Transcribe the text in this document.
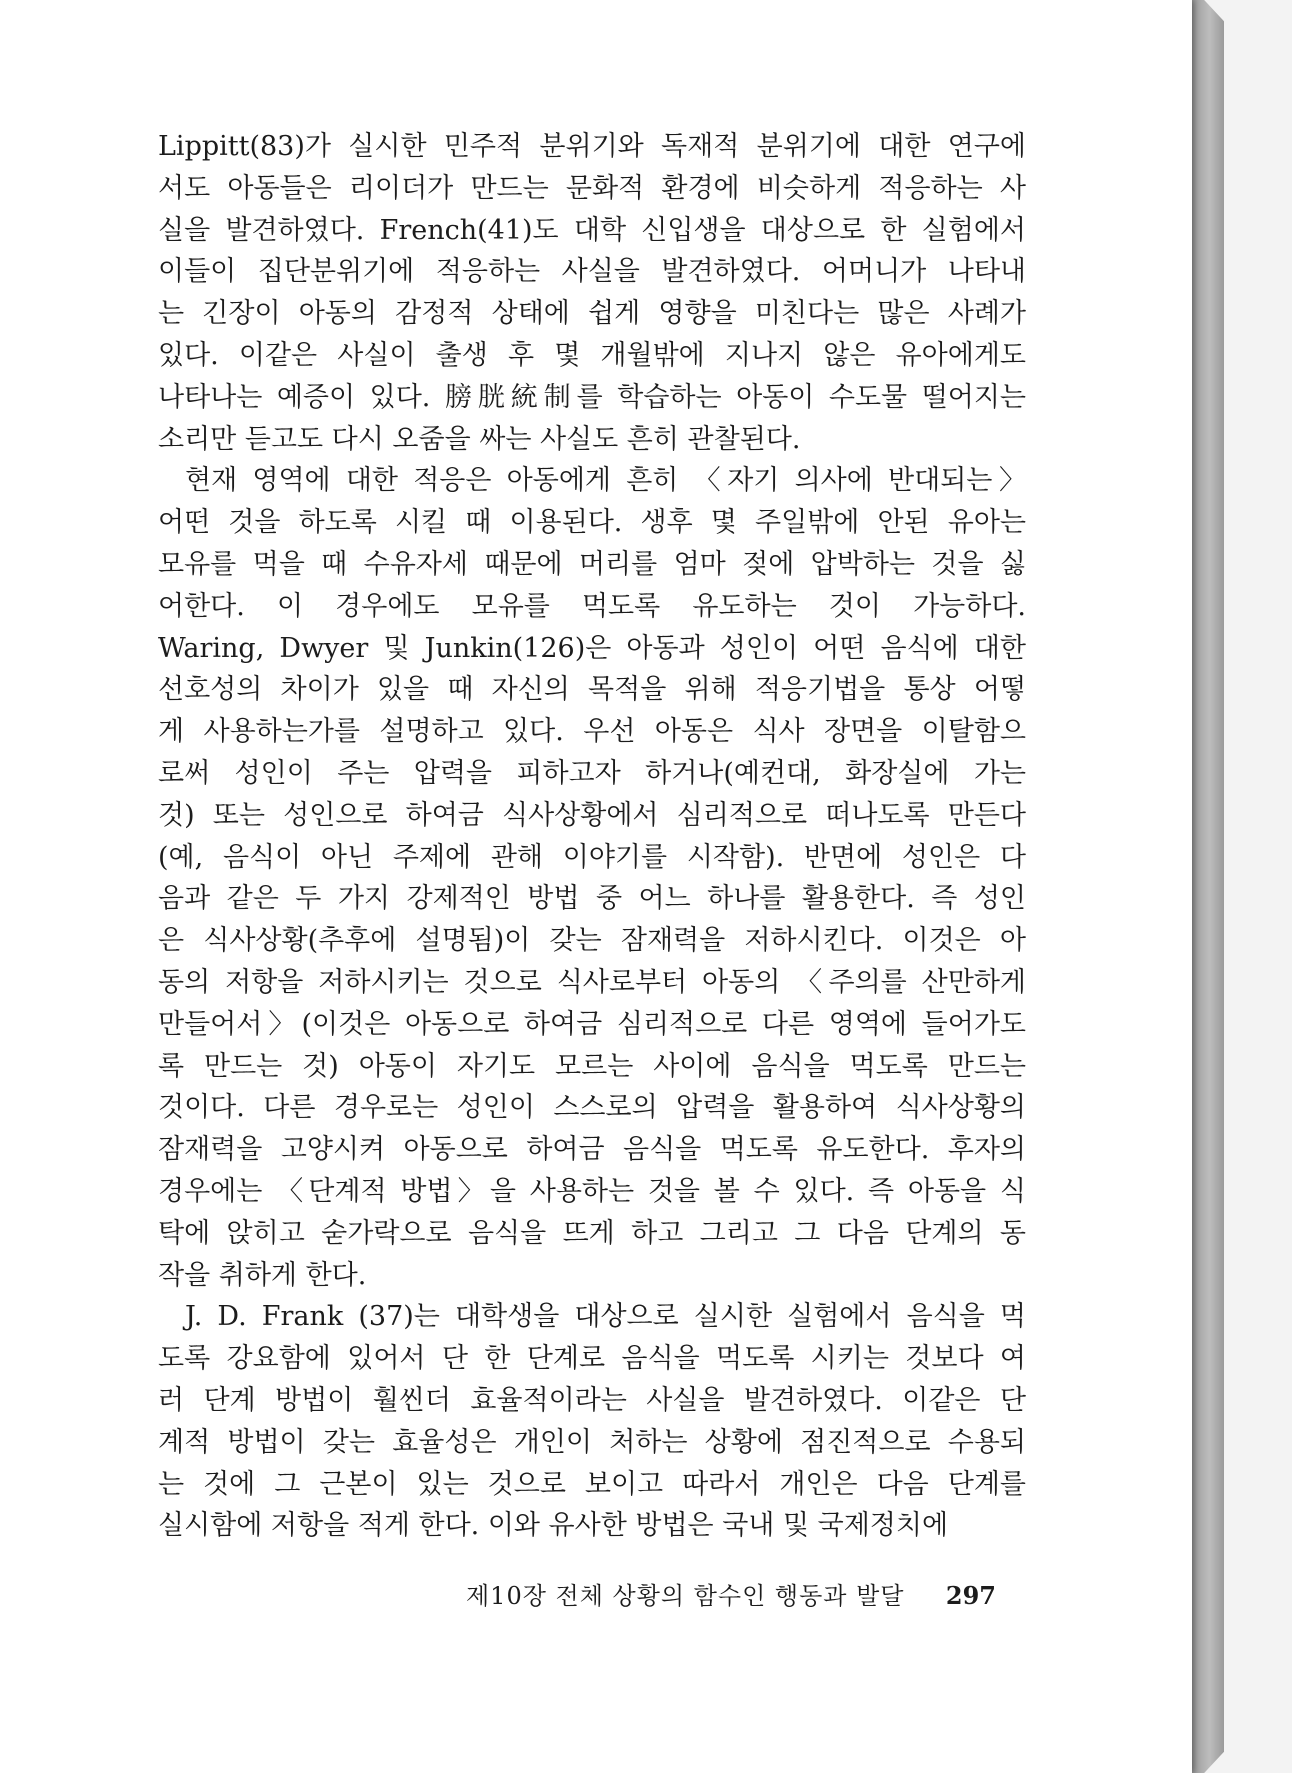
Lippitt(83)가 실시한 민주적 분위기와 독재적 분위기에 대한 연구에
서도 아동들은 리이더가 만드는 문화적 환경에 비슷하게 적응하는 사
실을 발견하였다. French(41)도 대학 신입생을 대상으로 한 실험에서
이들이 집단분위기에 적응하는 사실을 발견하였다. 어머니가 나타내
는 긴장이 아동의 감정적 상태에 쉽게 영향을 미친다는 많은 사례가
있다. 이같은 사실이 출생 후 몇 개월밖에 지나지 않은 유아에게도
나타나는 예증이 있다. 膀胱統制를 학습하는 아동이 수도물 떨어지는
소리만 듣고도 다시 오줌을 싸는 사실도 흔히 관찰된다.
현재 영역에 대한 적응은 아동에게 흔히 〈자기 의사에 반대되는〉
어떤 것을 하도록 시킬 때 이용된다. 생후 몇 주일밖에 안된 유아는
모유를 먹을 때 수유자세 때문에 머리를 엄마 젖에 압박하는 것을 싫
어한다. 이 경우에도 모유를 먹도록 유도하는 것이 가능하다.
Waring, Dwyer 및 Junkin(126)은 아동과 성인이 어떤 음식에 대한
선호성의 차이가 있을 때 자신의 목적을 위해 적응기법을 통상 어떻
게 사용하는가를 설명하고 있다. 우선 아동은 식사 장면을 이탈함으
로써 성인이 주는 압력을 피하고자 하거나(예컨대, 화장실에 가는
것) 또는 성인으로 하여금 식사상황에서 심리적으로 떠나도록 만든다
(예, 음식이 아닌 주제에 관해 이야기를 시작함). 반면에 성인은 다
음과 같은 두 가지 강제적인 방법 중 어느 하나를 활용한다. 즉 성인
은 식사상황(추후에 설명됨)이 갖는 잠재력을 저하시킨다. 이것은 아
동의 저항을 저하시키는 것으로 식사로부터 아동의 〈주의를 산만하게
만들어서〉(이것은 아동으로 하여금 심리적으로 다른 영역에 들어가도
록 만드는 것) 아동이 자기도 모르는 사이에 음식을 먹도록 만드는
것이다. 다른 경우로는 성인이 스스로의 압력을 활용하여 식사상황의
잠재력을 고양시켜 아동으로 하여금 음식을 먹도록 유도한다. 후자의
경우에는 〈단계적 방법〉을 사용하는 것을 볼 수 있다. 즉 아동을 식
탁에 앉히고 숟가락으로 음식을 뜨게 하고 그리고 그 다음 단계의 동
작을 취하게 한다.
J. D. Frank (37)는 대학생을 대상으로 실시한 실험에서 음식을 먹
도록 강요함에 있어서 단 한 단계로 음식을 먹도록 시키는 것보다 여
러 단계 방법이 훨씬더 효율적이라는 사실을 발견하였다. 이같은 단
계적 방법이 갖는 효율성은 개인이 처하는 상황에 점진적으로 수용되
는 것에 그 근본이 있는 것으로 보이고 따라서 개인은 다음 단계를
실시함에 저항을 적게 한다. 이와 유사한 방법은 국내 및 국제정치에
제10장 전체 상황의 함수인 행동과 발달 297
